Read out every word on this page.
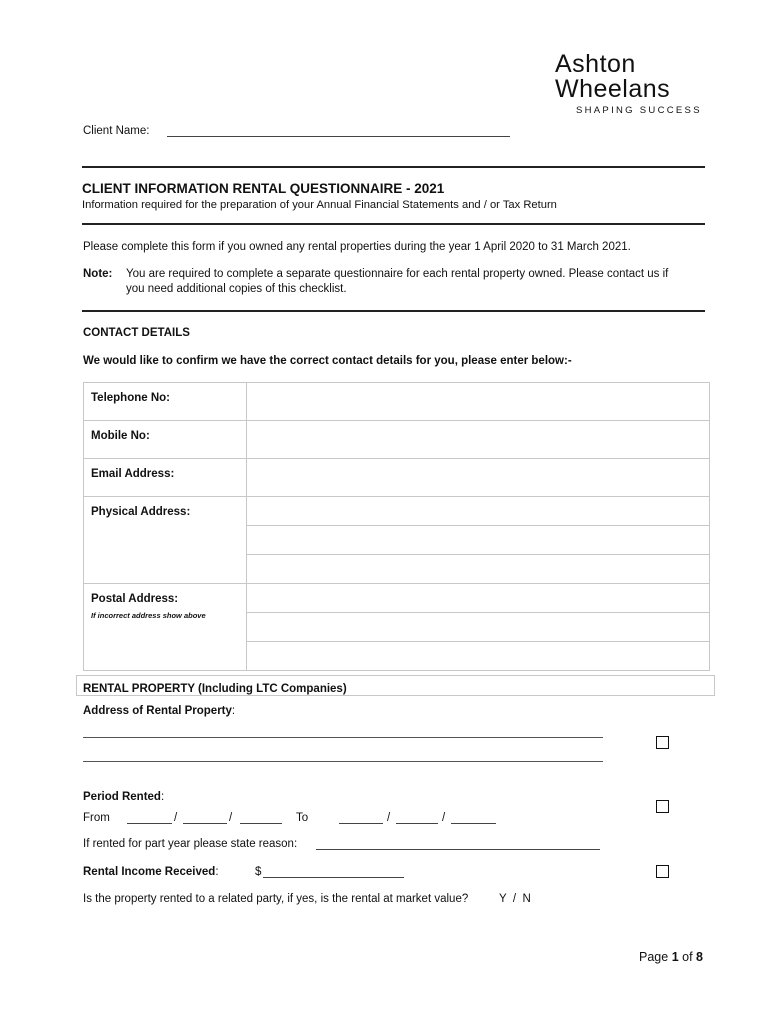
Ashton
Wheelans
SHAPING SUCCESS
Client Name:
CLIENT INFORMATION RENTAL QUESTIONNAIRE - 2021
Information required for the preparation of your Annual Financial Statements and / or Tax Return
Please complete this form if you owned any rental properties during the year 1 April 2020 to 31 March 2021.
Note: You are required to complete a separate questionnaire for each rental property owned. Please contact us if
you need additional copies of this checklist.
CONTACT DETAILS
We would like to confirm we have the correct contact details for you, please enter below:-
Telephone No:	
Mobile No:	
Email Address:	
Physical Address:	

Postal Address:
If incorrect address show above	

RENTAL PROPERTY (Including LTC Companies)
Address of Rental Property:
Period Rented:
From	/	/	To	/	/
If rented for part year please state reason:
Rental Income Received:	$
Is the property rented to a related party, if yes, is the rental at market value?	Y  /  N
Page 1 of 8
